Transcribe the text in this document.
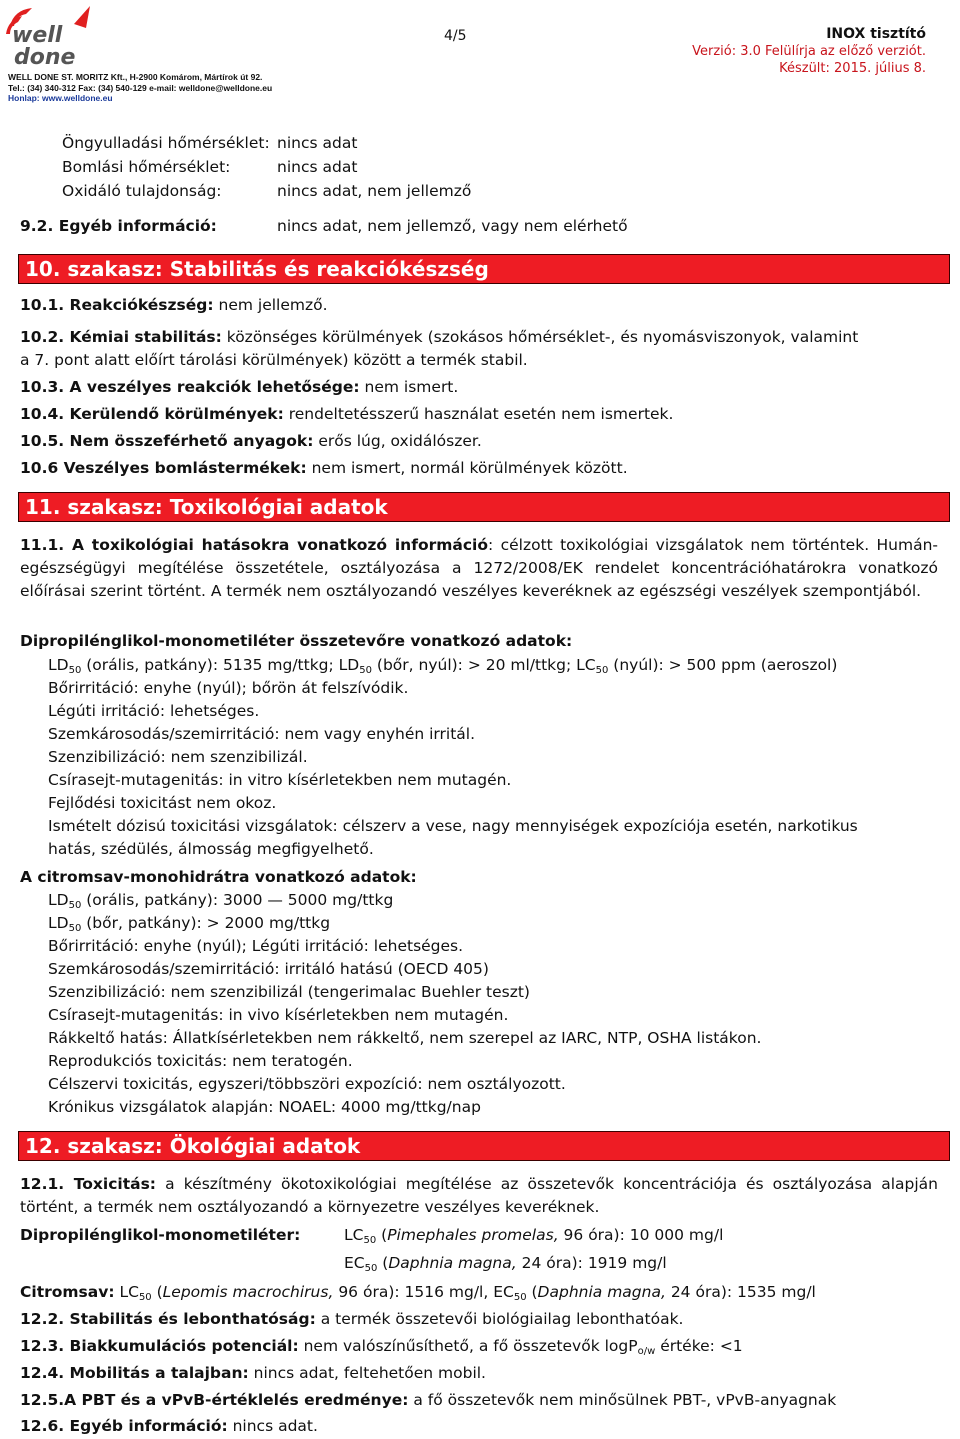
well
done
WELL DONE ST. MORITZ Kft., H-2900 Komárom, Mártírok út 92.
Tel.: (34) 340-312 Fax: (34) 540-129 e-mail: welldone@welldone.eu
Honlap: www.welldone.eu
4/5	INOX tisztító
Verzió: 3.0 Felülírja az előző verziót.
Készült: 2015. július 8.
Öngyulladási hőmérséklet: nincs adat
Bomlási hőmérséklet:	nincs adat
Oxidáló tulajdonság:	nincs adat, nem jellemző
9.2. Egyéb információ:	nincs adat, nem jellemző, vagy nem elérhető
10. szakasz: Stabilitás és reakciókészség
10.1. Reakciókészség: nem jellemző.
10.2. Kémiai stabilitás: közönséges körülmények (szokásos hőmérséklet-, és nyomásviszonyok, valamint
a 7. pont alatt előírt tárolási körülmények) között a termék stabil.
10.3. A veszélyes reakciók lehetősége: nem ismert.
10.4. Kerülendő körülmények: rendeltetésszerű használat esetén nem ismertek.
10.5. Nem összeférhető anyagok: erős lúg, oxidálószer.
10.6 Veszélyes bomlástermékek: nem ismert, normál körülmények között.
11. szakasz: Toxikológiai adatok
11.1. A toxikológiai hatásokra vonatkozó információ: célzott toxikológiai vizsgálatok nem történtek. Humán-egészségügyi megítélése összetétele, osztályozása a 1272/2008/EK rendelet koncentrációhatárokra vonatkozó előírásai szerint történt. A termék nem osztályozandó veszélyes keveréknek az egészségi veszélyek szempontjából.
Dipropilénglikol-monometiléter összetevőre vonatkozó adatok:
$LD_{50}$ (orális, patkány): 5135 mg/ttkg; $LD_{50}$ (bőr, nyúl): > 20 ml/ttkg; $LC_{50}$ (nyúl): > 500 ppm (aeroszol)
Bőrirritáció: enyhe (nyúl); bőrön át felszívódik.
Légúti irritáció: lehetséges.
Szemkárosodás/szemirritáció: nem vagy enyhén irritál.
Szenzibilizáció: nem szenzibilizál.
Csírasejt-mutagenitás: in vitro kísérletekben nem mutagén.
Fejlődési toxicitást nem okoz.
Ismételt dózisú toxicitási vizsgálatok: célszerv a vese, nagy mennyiségek expozíciója esetén, narkotikus
hatás, szédülés, álmosság megfigyelhető.
A citromsav-monohidrátra vonatkozó adatok:
$LD_{50}$ (orális, patkány): 3000 — 5000 mg/ttkg
$LD_{50}$ (bőr, patkány): > 2000 mg/ttkg
Bőrirritáció: enyhe (nyúl); Légúti irritáció: lehetséges.
Szemkárosodás/szemirritáció: irritáló hatású (OECD 405)
Szenzibilizáció: nem szenzibilizál (tengerimalac Buehler teszt)
Csírasejt-mutagenitás: in vivo kísérletekben nem mutagén.
Rákkeltő hatás: Állatkísérletekben nem rákkeltő, nem szerepel az IARC, NTP, OSHA listákon.
Reprodukciós toxicitás: nem teratogén.
Célszervi toxicitás, egyszeri/többszöri expozíció: nem osztályozott.
Krónikus vizsgálatok alapján: NOAEL: 4000 mg/ttkg/nap
12. szakasz: Ökológiai adatok
12.1. Toxicitás: a készítmény ökotoxikológiai megítélése az összetevők koncentrációja és osztályozása alapján történt, a termék nem osztályozandó a környezetre veszélyes keveréknek.
Dipropilénglikol-monometiléter:	$LC_{50}$ (Pimephales promelas, 96 óra): 10 000 mg/l
$EC_{50}$ (Daphnia magna, 24 óra): 1919 mg/l
Citromsav: $LC_{50}$ (Lepomis macrochirus, 96 óra): 1516 mg/l, $EC_{50}$ (Daphnia magna, 24 óra): 1535 mg/l
12.2. Stabilitás és lebonthatóság: a termék összetevői biológiailag lebonthatóak.
12.3. Biakkumulációs potenciál: nem valószínűsíthető, a fő összetevők logP$_{o/w}$ értéke: <1
12.4. Mobilitás a talajban: nincs adat, feltehetően mobil.
12.5.A PBT és a vPvB-értéklelés eredménye: a fő összetevők nem minősülnek PBT-, vPvB-anyagnak
12.6. Egyéb információ: nincs adat.
